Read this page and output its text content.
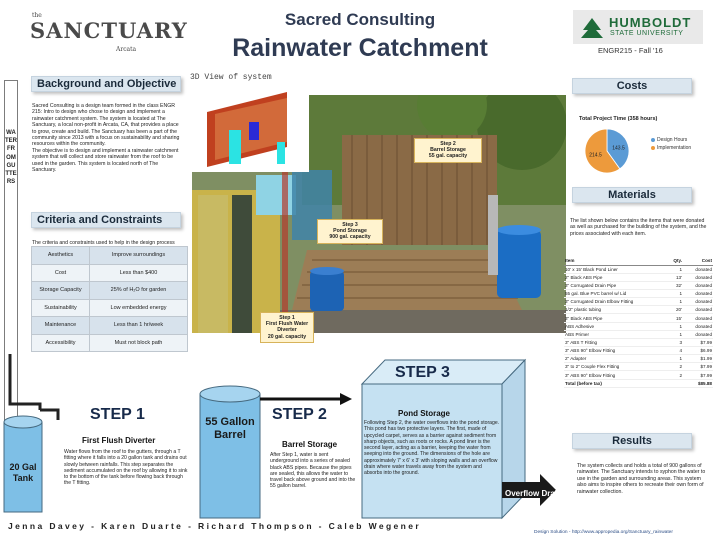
the
SANCTUARY
Arcata
Sacred Consulting
Rainwater Catchment
HUMBOLDT
STATE UNIVERSITY
ENGR215 - Fall '16
WATER FROM GUTTERS
Background and Objective
Sacred Consulting is a design team formed in the class ENGR 215: Intro to design who chose to design and implement a rainwater catchment system. The system is located at The Sanctuary, a local non-profit in Arcata, CA, that provides a place to grow, create and build. The Sanctuary has been a part of the community since 2013 with a focus on sustainability and sharing resources within the community.
The objective is to design and implement a rainwater catchment system that will collect and store rainwater from the roof to be used in the garden. This system is located north of The Sanctuary.
Criteria and Constraints
The criteria and constraints used to help in the design process
Aesthetics	Improve surroundings
Cost	Less than $400
Storage Capacity	25% of H₂O for garden
Sustainability	Low embedded energy
Maintenance	Less than 1 hr/week
Accessibility	Must not block path
3D View of system
Step 2
Barrel Storage
55 gal. capacity
Step 3
Pond Storage
900 gal. capacity
Step 1
First Flush Water Diverter
20 gal. capacity
20 Gal Tank
55 Gallon Barrel
STEP 1
First Flush Diverter
Water flows from the roof to the gutters, through a T fitting where it falls into a 20 gallon tank and drains out slowly between rainfalls. This step separates the sediment accumulated on the roof by allowing it to sink to the bottom of the tank before flowing back through the T fitting.
STEP 2
Barrel Storage
After Step 1, water is sent underground into a series of sealed black ABS pipes. Because the pipes are sealed, this allows the water to travel back above ground and into the 55 gallon barrel.
STEP 3
Pond Storage
Following Step 2, the water overflows into the pond storage. This pond has two protective layers. The first, made of upcycled carpet, serves as a barrier against sediment from sharp objects, such as roots or rocks. A pond liner is the second layer, acting as a barrier, keeping the water from seeping into the ground. The dimensions of the hole are approximately 7' x 6' x 3' with sloping walls and an overflow drain where water travels away from the system and absorbs into the ground.
Overflow Drain
Costs
Total Project Time (358 hours)
143.5
214.5
Design Hours
Implementation
Materials
The list shown below contains the items that were donated as well as purchased for the building of the system, and the prices associated with each item.
Item	Qty.	Cost
10' x 15' Black Pond Liner	1	donated
2" Black ABS Pipe	13'	donated
3" Corrugated Drain Pipe	32'	donated
55 gal. Blue PVC barrel w/ Lid	1	donated
3" Corrugated Drain Elbow Fitting	1	donated
1/2" plastic tubing	20'	donated
3" Black ABS Pipe	15'	donated
ABS Adhesive	1	donated
ABS Primer	1	donated
3" ABS T Fitting	3	$7.99
3" ABS 90° Elbow Fitting	4	$6.99
2" Adapter	1	$1.99
3" to 2" Couple Flex Fitting	2	$7.99
3" ABS 90° Elbow Fitting	2	$7.99
Total (before tax)		$85.88
Results
The system collects and holds a total of 900 gallons of rainwater. The Sanctuary intends to syphon the water to use in the garden and surrounding areas. This system also aims to inspire others to recreate their own form of rainwater collection.
Jenna Davey - Karen Duarte - Richard Thompson - Caleb Wegener
Design Solution - http://www.appropedia.org/Sanctuary_rainwater
